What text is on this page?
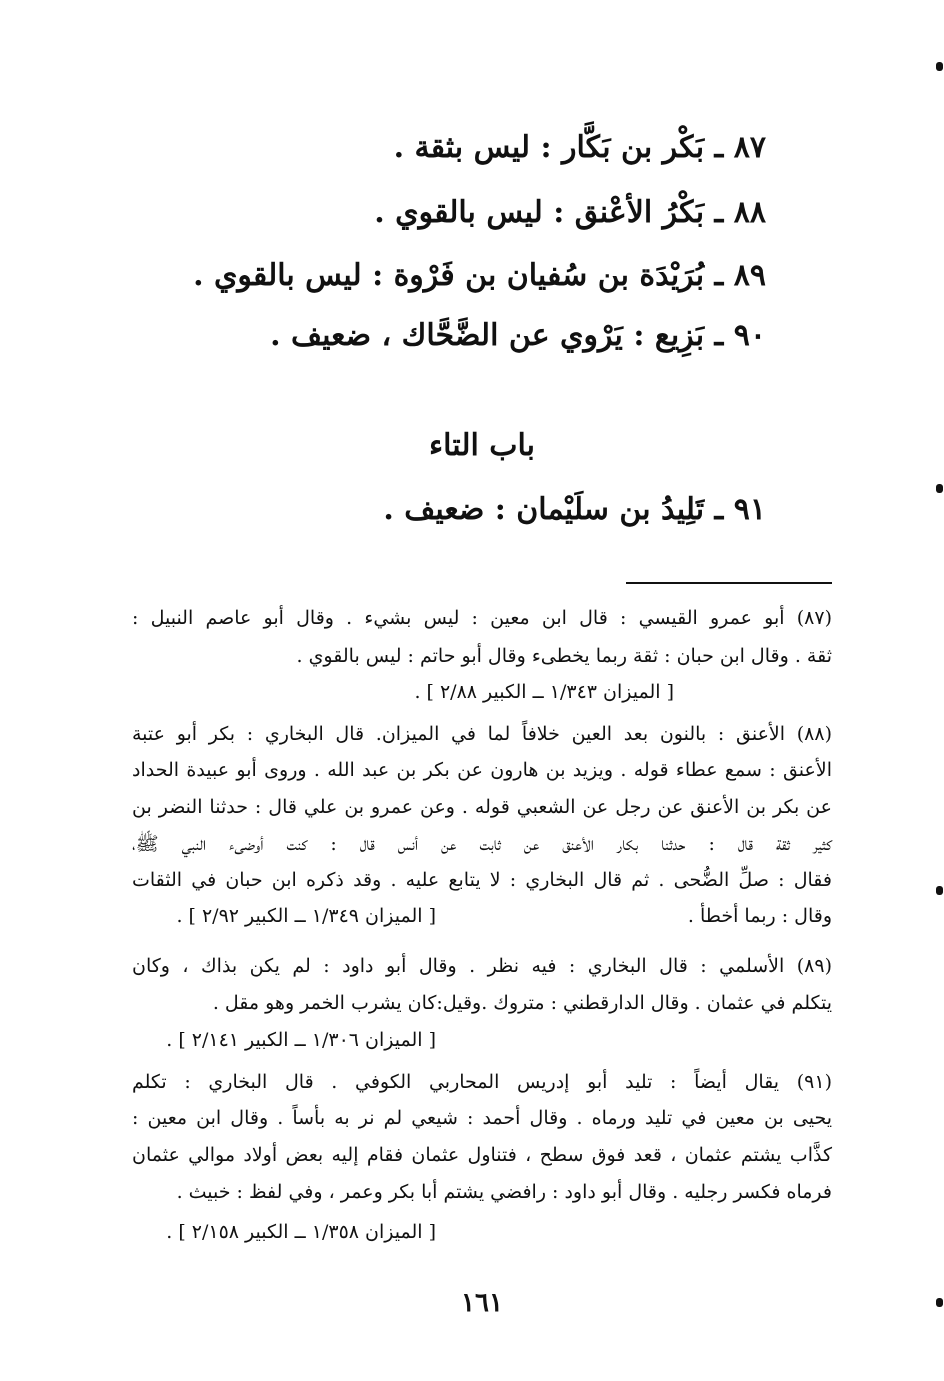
٨٧ ـ بَكْر بن بَكَّار : ليس بثقة .
٨٨ ـ بَكْرُ الأعْنق : ليس بالقوي .
٨٩ ـ بُرَيْدَة بن سُفيان بن فَرْوة : ليس بالقوي .
٩٠ ـ بَزِيع : يَرْوي عن الضَّحَّاك ، ضعيف .
باب التاء
٩١ ـ تَلِيدُ بن سلَيْمان : ضعيف .
(٨٧) أبو عمرو القيسي : قال ابن معين : ليس بشيء . وقال أبو عاصم النبيل :
ثقة . وقال ابن حبان : ثقة ربما يخطىء وقال أبو حاتم : ليس بالقوي .
[ الميزان ١/٣٤٣ ــ الكبير ٢/٨٨ ] .
(٨٨) الأعنق : بالنون بعد العين خلافاً لما في الميزان. قال البخاري : بكر أبو عتبة
الأعنق : سمع عطاء قوله . ويزيد بن هارون عن بكر بن عبد الله . وروى أبو عبيدة الحداد
عن بكر بن الأعنق عن رجل عن الشعبي قوله . وعن عمرو بن علي قال : حدثنا النضر بن
كثير ثقة قال : حدثنا بكار الأعنق عن ثابت عن أنس قال : كنت أوضىء النبي ﷺ،
فقال : صلِّ الضُّحى . ثم قال البخاري : لا يتابع عليه . وقد ذكره ابن حبان في الثقات
وقال : ربما أخطأ .
[ الميزان ١/٣٤٩ ــ الكبير ٢/٩٢ ] .
(٨٩) الأسلمي : قال البخاري : فيه نظر . وقال أبو داود : لم يكن بذاك ، وكان
يتكلم في عثمان . وقال الدارقطني : متروك .وقيل:كان يشرب الخمر وهو مقل .
[ الميزان ١/٣٠٦ ــ الكبير ٢/١٤١ ] .
(٩١) يقال أيضاً : تليد أبو إدريس المحاربي الكوفي . قال البخاري : تكلم
يحيى بن معين في تليد ورماه . وقال أحمد : شيعي لم نر به بأساً . وقال ابن معين :
كذَّاب يشتم عثمان ، قعد فوق سطح ، فتناول عثمان فقام إليه بعض أولاد موالي عثمان
فرماه فكسر رجليه . وقال أبو داود : رافضي يشتم أبا بكر وعمر ، وفي لفظ : خبيث .
[ الميزان ١/٣٥٨ ــ الكبير ٢/١٥٨ ] .
١٦١
